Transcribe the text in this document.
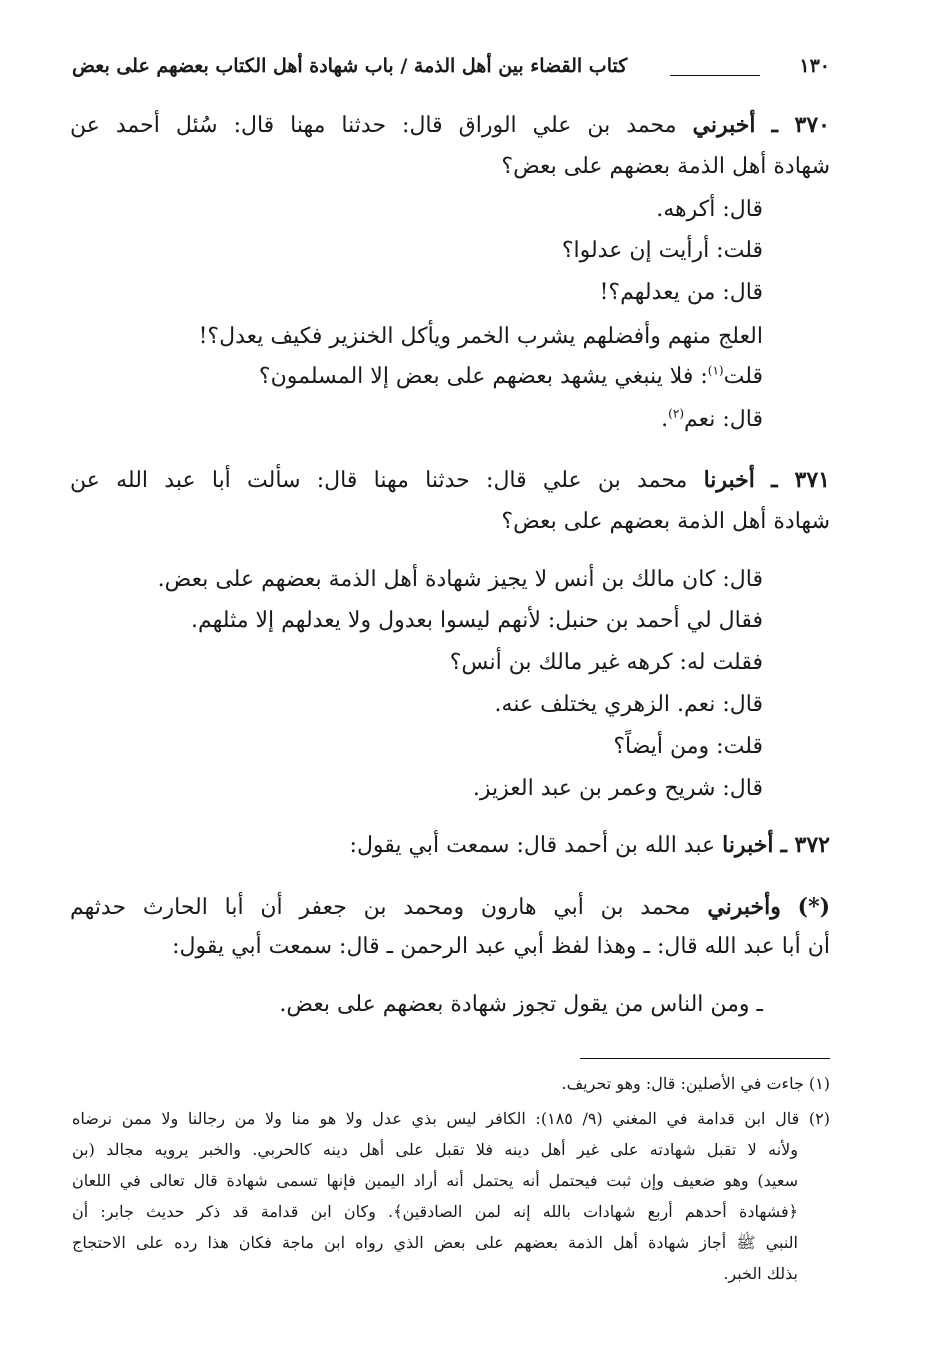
١٣٠
كتاب القضاء بين أهل الذمة / باب شهادة أهل الكتاب بعضهم على بعض
٣٧٠ ـ أخبرني محمد بن علي الوراق قال: حدثنا مهنا قال: سُئل أحمد عن
شهادة أهل الذمة بعضهم على بعض؟
قال: أكرهه.
قلت: أرأيت إن عدلوا؟
قال: من يعدلهم؟!
العلج منهم وأفضلهم يشرب الخمر ويأكل الخنزير فكيف يعدل؟!
قلت$^{(١)}$: فلا ينبغي يشهد بعضهم على بعض إلا المسلمون؟
قال: نعم$^{(٢)}$.
٣٧١ ـ أخبرنا محمد بن علي قال: حدثنا مهنا قال: سألت أبا عبد الله عن
شهادة أهل الذمة بعضهم على بعض؟
قال: كان مالك بن أنس لا يجيز شهادة أهل الذمة بعضهم على بعض.
فقال لي أحمد بن حنبل: لأنهم ليسوا بعدول ولا يعدلهم إلا مثلهم.
فقلت له: كرهه غير مالك بن أنس؟
قال: نعم. الزهري يختلف عنه.
قلت: ومن أيضاً؟
قال: شريح وعمر بن عبد العزيز.
٣٧٢ ـ أخبرنا عبد الله بن أحمد قال: سمعت أبي يقول:
(*) وأخبرني محمد بن أبي هارون ومحمد بن جعفر أن أبا الحارث حدثهم
أن أبا عبد الله قال: ـ وهذا لفظ أبي عبد الرحمن ـ قال: سمعت أبي يقول:
ـ ومن الناس من يقول تجوز شهادة بعضهم على بعض.
(١) جاءت في الأصلين: قال: وهو تحريف.
(٢) قال ابن قدامة في المغني (٩/ ١٨٥): الكافر ليس بذي عدل ولا هو منا ولا من رجالنا ولا ممن نرضاه
ولأنه لا تقبل شهادته على غير أهل دينه فلا تقبل على أهل دينه كالحربي. والخبر يرويه مجالد (بن
سعيد) وهو ضعيف وإن ثبت فيحتمل أنه يحتمل أنه أراد اليمين فإنها تسمى شهادة قال تعالى في اللعان
﴿فشهادة أحدهم أربع شهادات بالله إنه لمن الصادقين﴾. وكان ابن قدامة قد ذكر حديث جابر: أن
النبي ﷺ أجاز شهادة أهل الذمة بعضهم على بعض الذي رواه ابن ماجة فكان هذا رده على الاحتجاج
بذلك الخبر.
